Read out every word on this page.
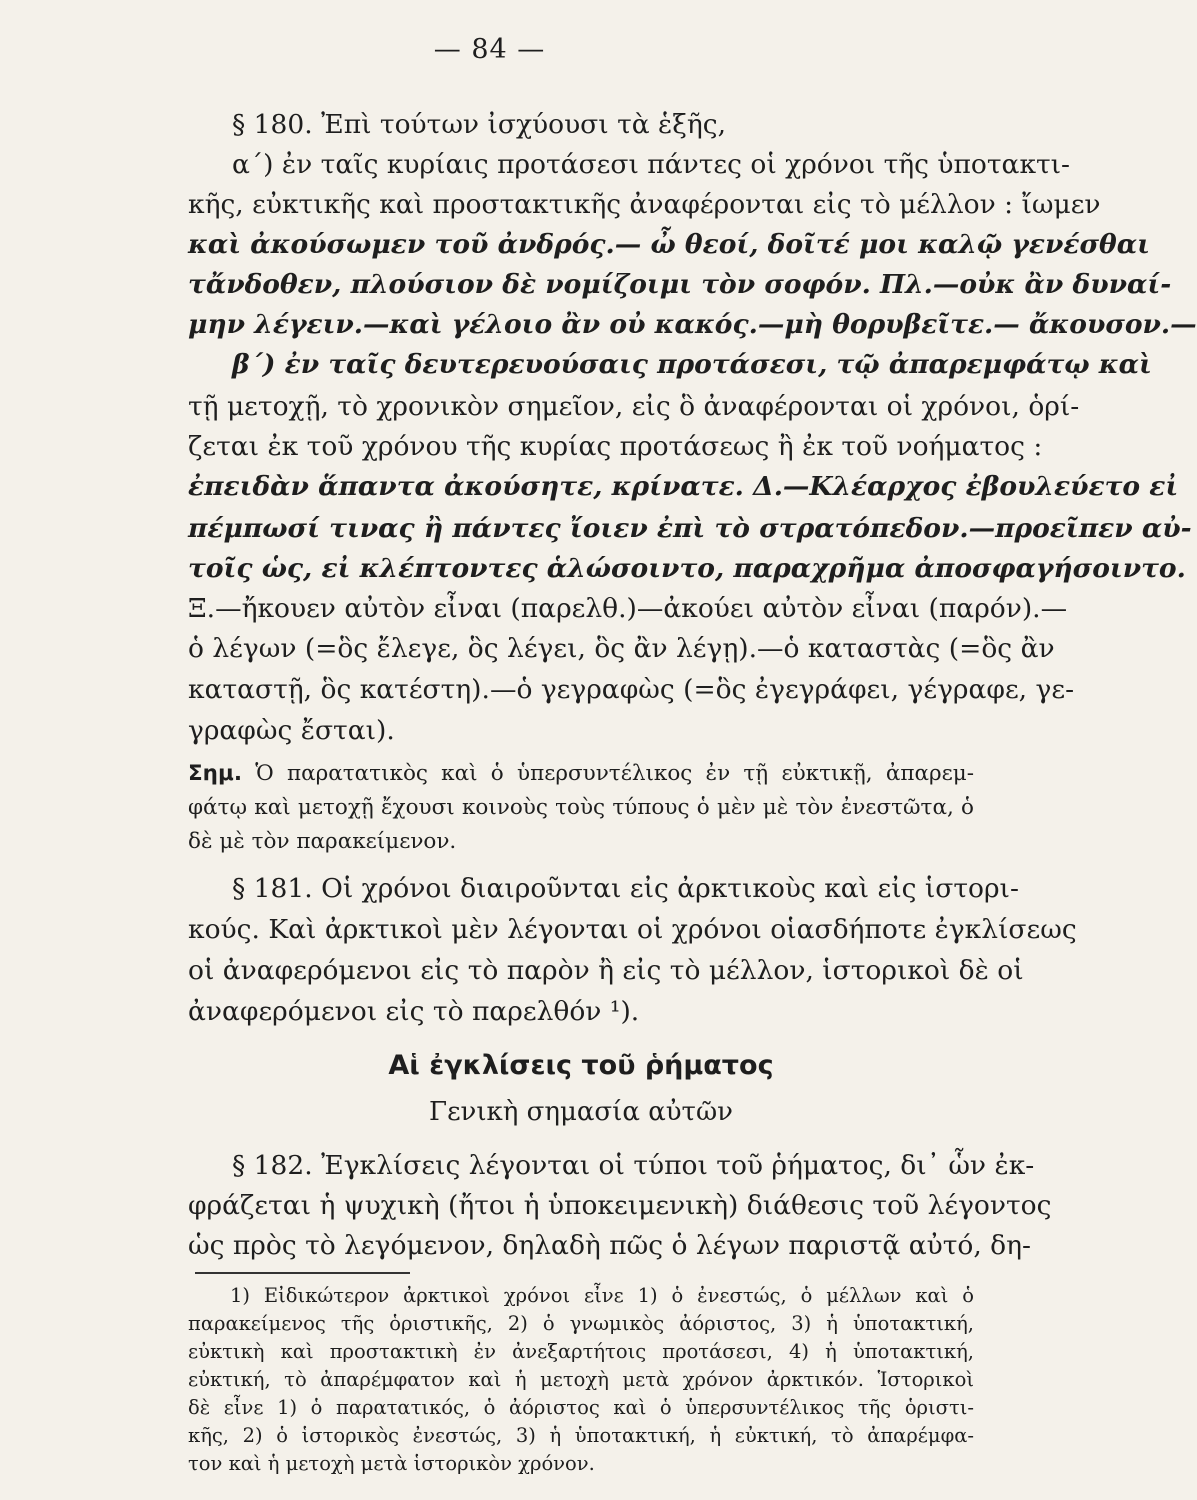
— 84 —
§ 180. Ἐπὶ τούτων ἰσχύουσι τὰ ἑξῆς,
α΄) ἐν ταῖς κυρίαις προτάσεσι πάντες οἱ χρόνοι τῆς ὑποτακτι-
κῆς, εὐκτικῆς καὶ προστακτικῆς ἀναφέρονται εἰς τὸ μέλλον : ἴωμεν
καὶ ἀκούσωμεν τοῦ ἀνδρός.— ὦ θεοί, δοῖτέ μοι καλῷ γενέσθαι
τἄνδοθεν, πλούσιον δὲ νομίζοιμι τὸν σοφόν. Πλ.—οὐκ ἂν δυναί-
μην λέγειν.—καὶ γέλοιο ἂν οὐ κακός.—μὴ θορυβεῖτε.— ἄκουσον.—
β΄) ἐν ταῖς δευτερευούσαις προτάσεσι, τῷ ἀπαρεμφάτῳ καὶ
τῇ μετοχῇ, τὸ χρονικὸν σημεῖον, εἰς ὃ ἀναφέρονται οἱ χρόνοι, ὁρί-
ζεται ἐκ τοῦ χρόνου τῆς κυρίας προτάσεως ἢ ἐκ τοῦ νοήματος :
ἐπειδὰν ἅπαντα ἀκούσητε, κρίνατε. Δ.—Κλέαρχος ἐβουλεύετο εἰ
πέμπωσί τινας ἢ πάντες ἴοιεν ἐπὶ τὸ στρατόπεδον.—προεῖπεν αὐ-
τοῖς ὡς, εἰ κλέπτοντες ἁλώσοιντο, παραχρῆμα ἀποσφαγήσοιντο.
Ξ.—ἤκουεν αὐτὸν εἶναι (παρελθ.)—ἀκούει αὐτὸν εἶναι (παρόν).—
ὁ λέγων (=ὃς ἔλεγε, ὃς λέγει, ὃς ἂν λέγῃ).—ὁ καταστὰς (=ὃς ἂν
καταστῇ, ὃς κατέστη).—ὁ γεγραφὼς (=ὃς ἐγεγράφει, γέγραφε, γε-
γραφὼς ἔσται).
Σημ. Ὁ παρατατικὸς καὶ ὁ ὑπερσυντέλικος ἐν τῇ εὐκτικῇ, ἀπαρεμ-
φάτῳ καὶ μετοχῇ ἔχουσι κοινοὺς τοὺς τύπους ὁ μὲν μὲ τὸν ἐνεστῶτα, ὁ
δὲ μὲ τὸν παρακείμενον.
§ 181. Οἱ χρόνοι διαιροῦνται εἰς ἀρκτικοὺς καὶ εἰς ἱστορι-
κούς. Καὶ ἀρκτικοὶ μὲν λέγονται οἱ χρόνοι οἱασδήποτε ἐγκλίσεως
οἱ ἀναφερόμενοι εἰς τὸ παρὸν ἢ εἰς τὸ μέλλον, ἱστορικοὶ δὲ οἱ
ἀναφερόμενοι εἰς τὸ παρελθόν ¹).
Αἱ ἐγκλίσεις τοῦ ῥήματος
Γενικὴ σημασία αὐτῶν
§ 182. Ἐγκλίσεις λέγονται οἱ τύποι τοῦ ῥήματος, δι᾿ ὧν ἐκ-
φράζεται ἡ ψυχικὴ (ἤτοι ἡ ὑποκειμενικὴ) διάθεσις τοῦ λέγοντος
ὡς πρὸς τὸ λεγόμενον, δηλαδὴ πῶς ὁ λέγων παριστᾷ αὐτό, δη-
1) Εἰδικώτερον ἀρκτικοὶ χρόνοι εἶνε 1) ὁ ἐνεστώς, ὁ μέλλων καὶ ὁ
παρακείμενος τῆς ὁριστικῆς, 2) ὁ γνωμικὸς ἀόριστος, 3) ἡ ὑποτακτική,
εὐκτικὴ καὶ προστακτικὴ ἐν ἀνεξαρτήτοις προτάσεσι, 4) ἡ ὑποτακτική,
εὐκτική, τὸ ἀπαρέμφατον καὶ ἡ μετοχὴ μετὰ χρόνον ἀρκτικόν. Ἱστορικοὶ
δὲ εἶνε 1) ὁ παρατατικός, ὁ ἀόριστος καὶ ὁ ὑπερσυντέλικος τῆς ὁριστι-
κῆς, 2) ὁ ἱστορικὸς ἐνεστώς, 3) ἡ ὑποτακτική, ἡ εὐκτική, τὸ ἀπαρέμφα-
τον καὶ ἡ μετοχὴ μετὰ ἱστορικὸν χρόνον.
